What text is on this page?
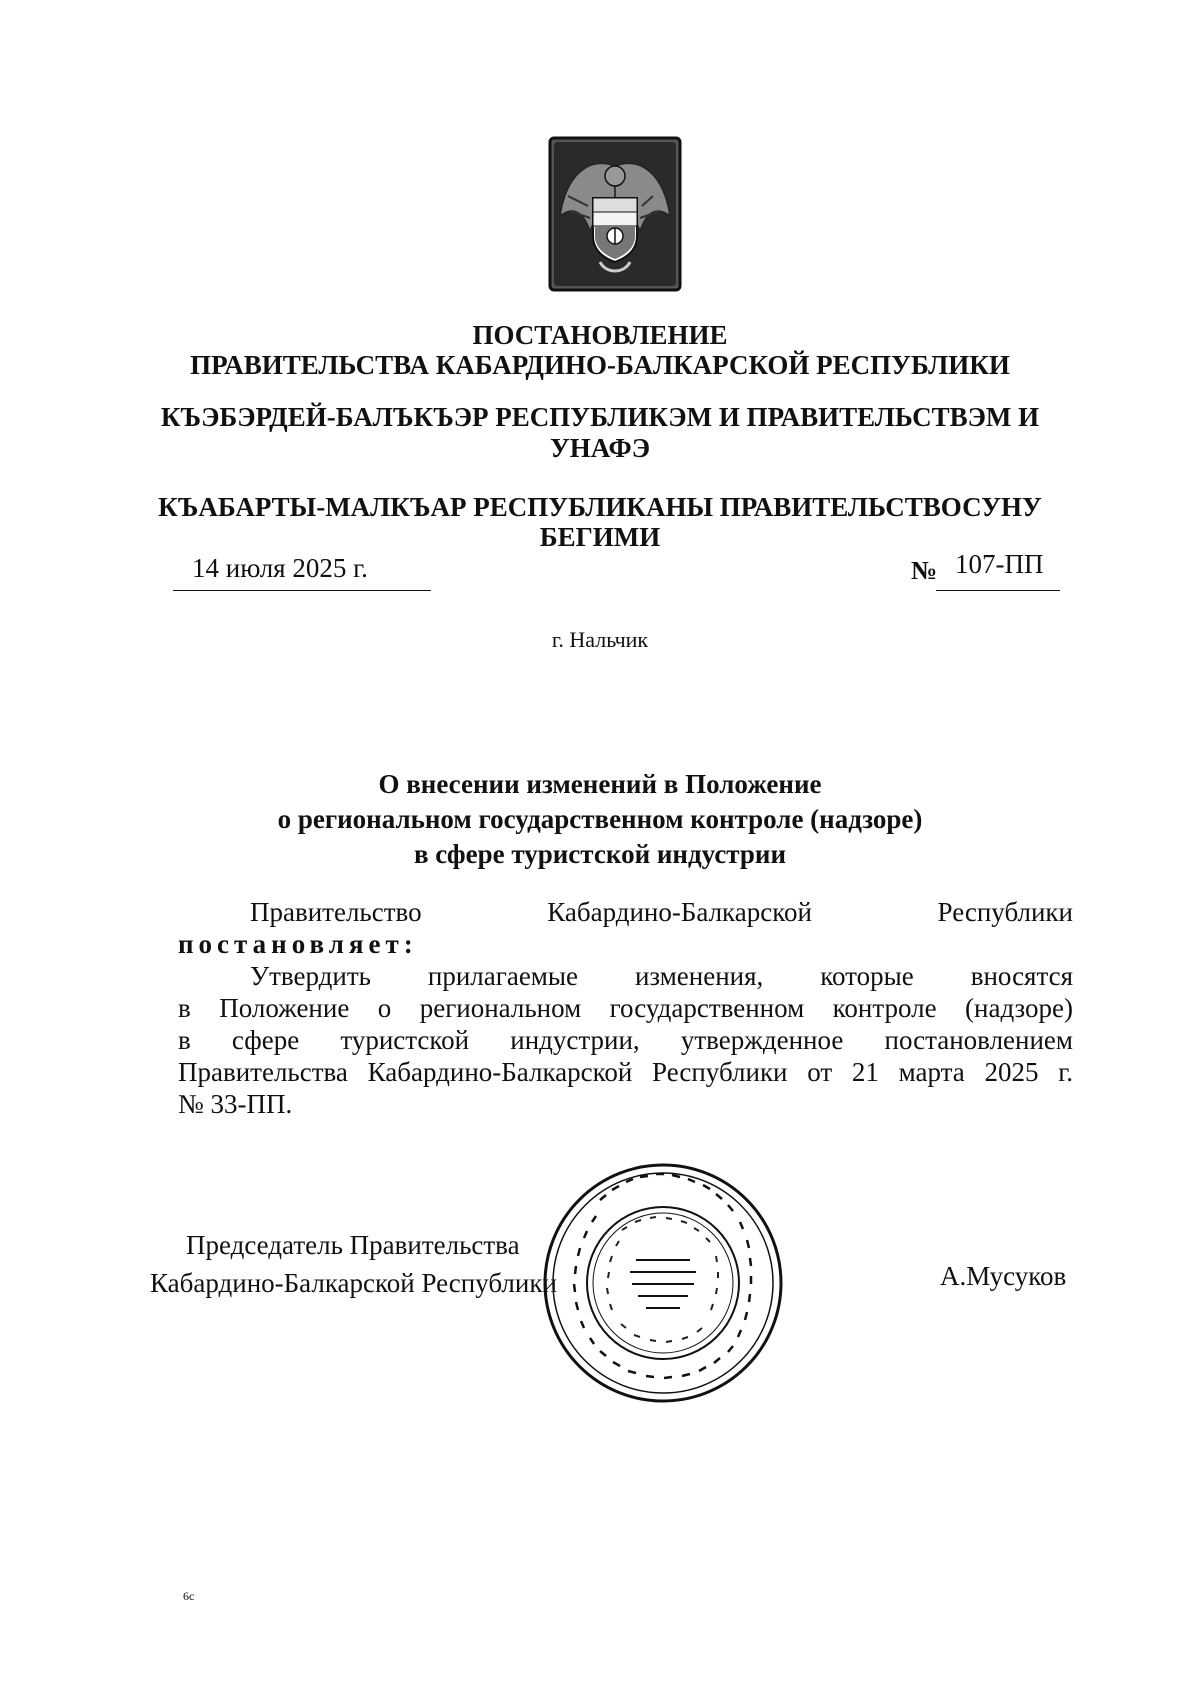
ПОСТАНОВЛЕНИЕ
ПРАВИТЕЛЬСТВА КАБАРДИНО-БАЛКАРСКОЙ РЕСПУБЛИКИ
КЪЭБЭРДЕЙ-БАЛЪКЪЭР РЕСПУБЛИКЭМ И ПРАВИТЕЛЬСТВЭМ И
УНАФЭ
КЪАБАРТЫ-МАЛКЪАР РЕСПУБЛИКАНЫ ПРАВИТЕЛЬСТВОСУНУ
БЕГИМИ
14 июля 2025 г.	№ 107-ПП
г. Нальчик
О внесении изменений в Положение
о региональном государственном контроле (надзоре)
в сфере туристской индустрии
Правительство Кабардино-Балкарской Республики
постановляет:
Утвердить прилагаемые изменения, которые вносятся
в Положение о региональном государственном контроле (надзоре)
в сфере туристской индустрии, утвержденное постановлением
Правительства Кабардино-Балкарской Республики от 21 марта 2025 г.
№ 33-ПП.
Председатель Правительства
Кабардино-Балкарской Республики	А.Мусуков
6с
